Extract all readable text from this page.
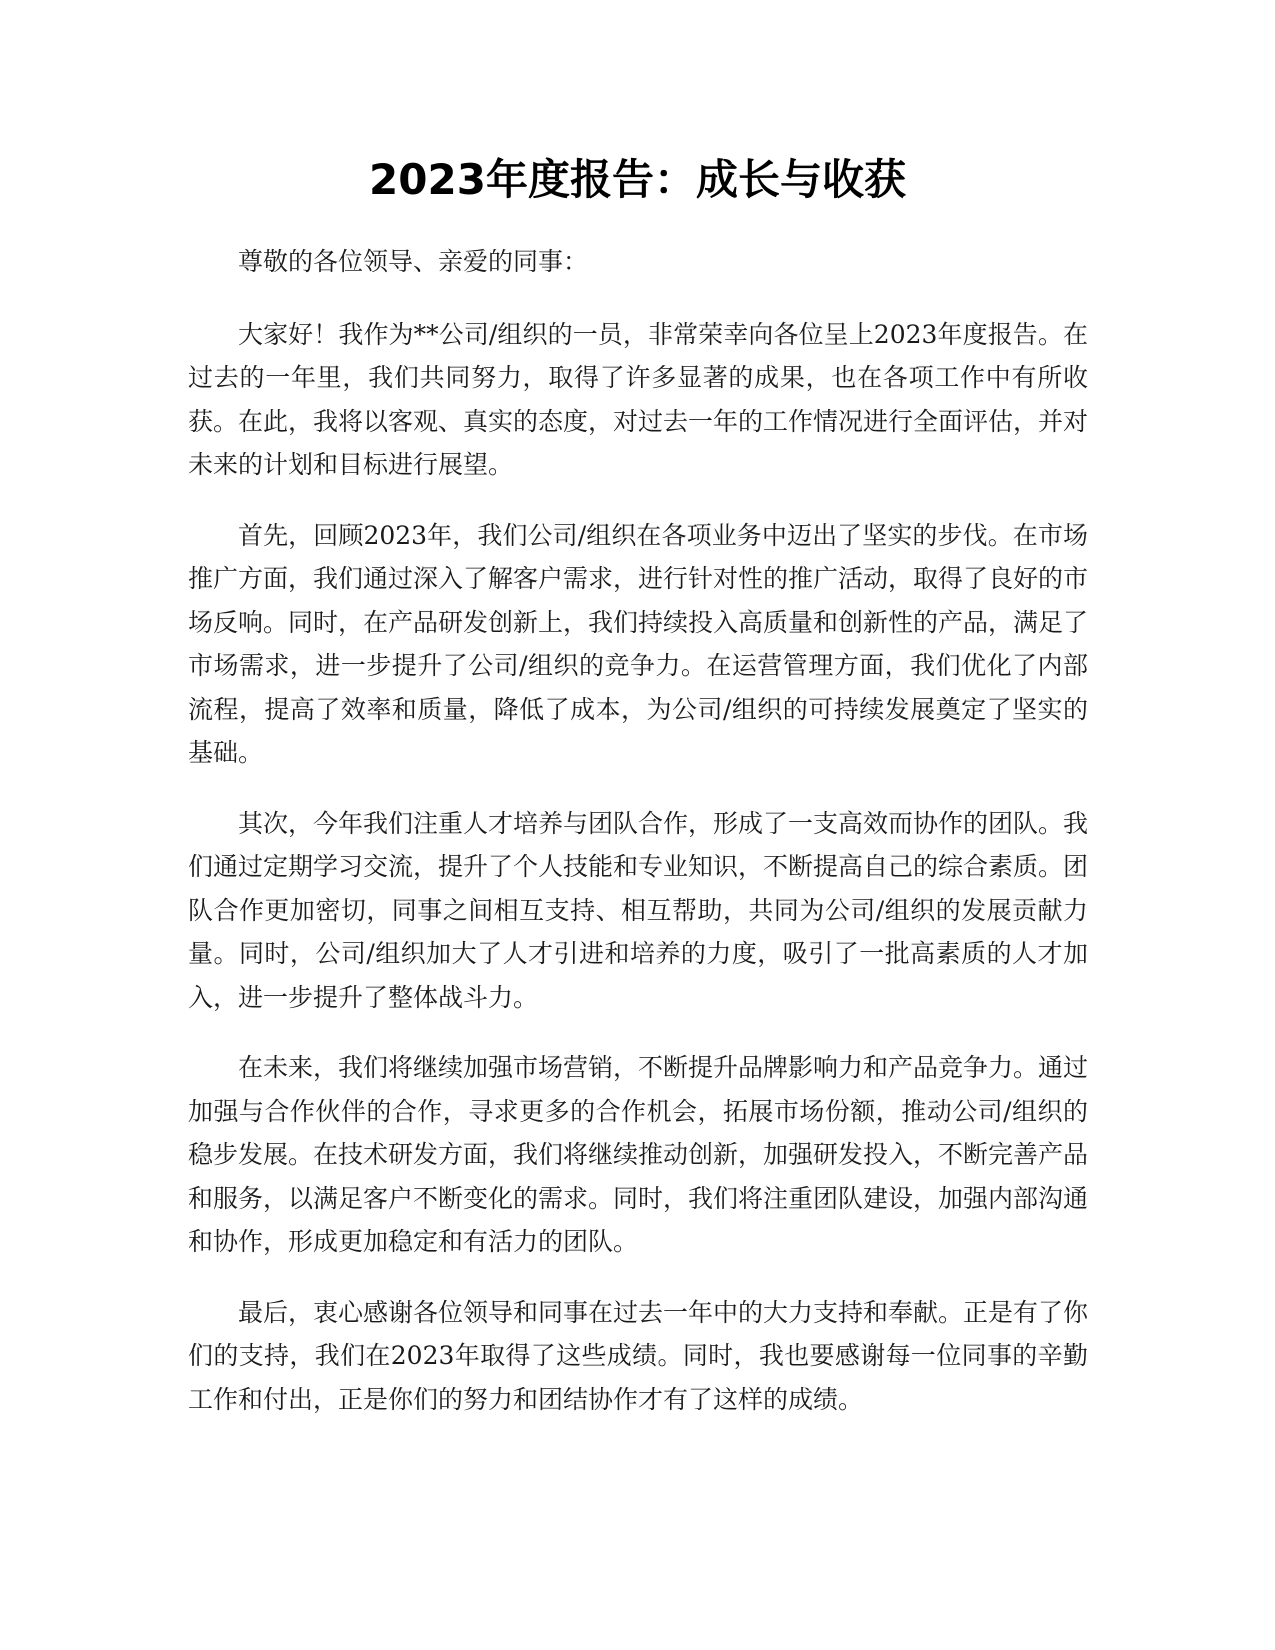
2023年度报告：成长与收获

尊敬的各位领导、亲爱的同事：

大家好！我作为**公司/组织的一员，非常荣幸向各位呈上2023年度报告。在过去的一年里，我们共同努力，取得了许多显著的成果，也在各项工作中有所收获。在此，我将以客观、真实的态度，对过去一年的工作情况进行全面评估，并对未来的计划和目标进行展望。

首先，回顾2023年，我们公司/组织在各项业务中迈出了坚实的步伐。在市场推广方面，我们通过深入了解客户需求，进行针对性的推广活动，取得了良好的市场反响。同时，在产品研发创新上，我们持续投入高质量和创新性的产品，满足了市场需求，进一步提升了公司/组织的竞争力。在运营管理方面，我们优化了内部流程，提高了效率和质量，降低了成本，为公司/组织的可持续发展奠定了坚实的基础。

其次，今年我们注重人才培养与团队合作，形成了一支高效而协作的团队。我们通过定期学习交流，提升了个人技能和专业知识，不断提高自己的综合素质。团队合作更加密切，同事之间相互支持、相互帮助，共同为公司/组织的发展贡献力量。同时，公司/组织加大了人才引进和培养的力度，吸引了一批高素质的人才加入，进一步提升了整体战斗力。

在未来，我们将继续加强市场营销，不断提升品牌影响力和产品竞争力。通过加强与合作伙伴的合作，寻求更多的合作机会，拓展市场份额，推动公司/组织的稳步发展。在技术研发方面，我们将继续推动创新，加强研发投入，不断完善产品和服务，以满足客户不断变化的需求。同时，我们将注重团队建设，加强内部沟通和协作，形成更加稳定和有活力的团队。

最后，衷心感谢各位领导和同事在过去一年中的大力支持和奉献。正是有了你们的支持，我们在2023年取得了这些成绩。同时，我也要感谢每一位同事的辛勤工作和付出，正是你们的努力和团结协作才有了这样的成绩。
